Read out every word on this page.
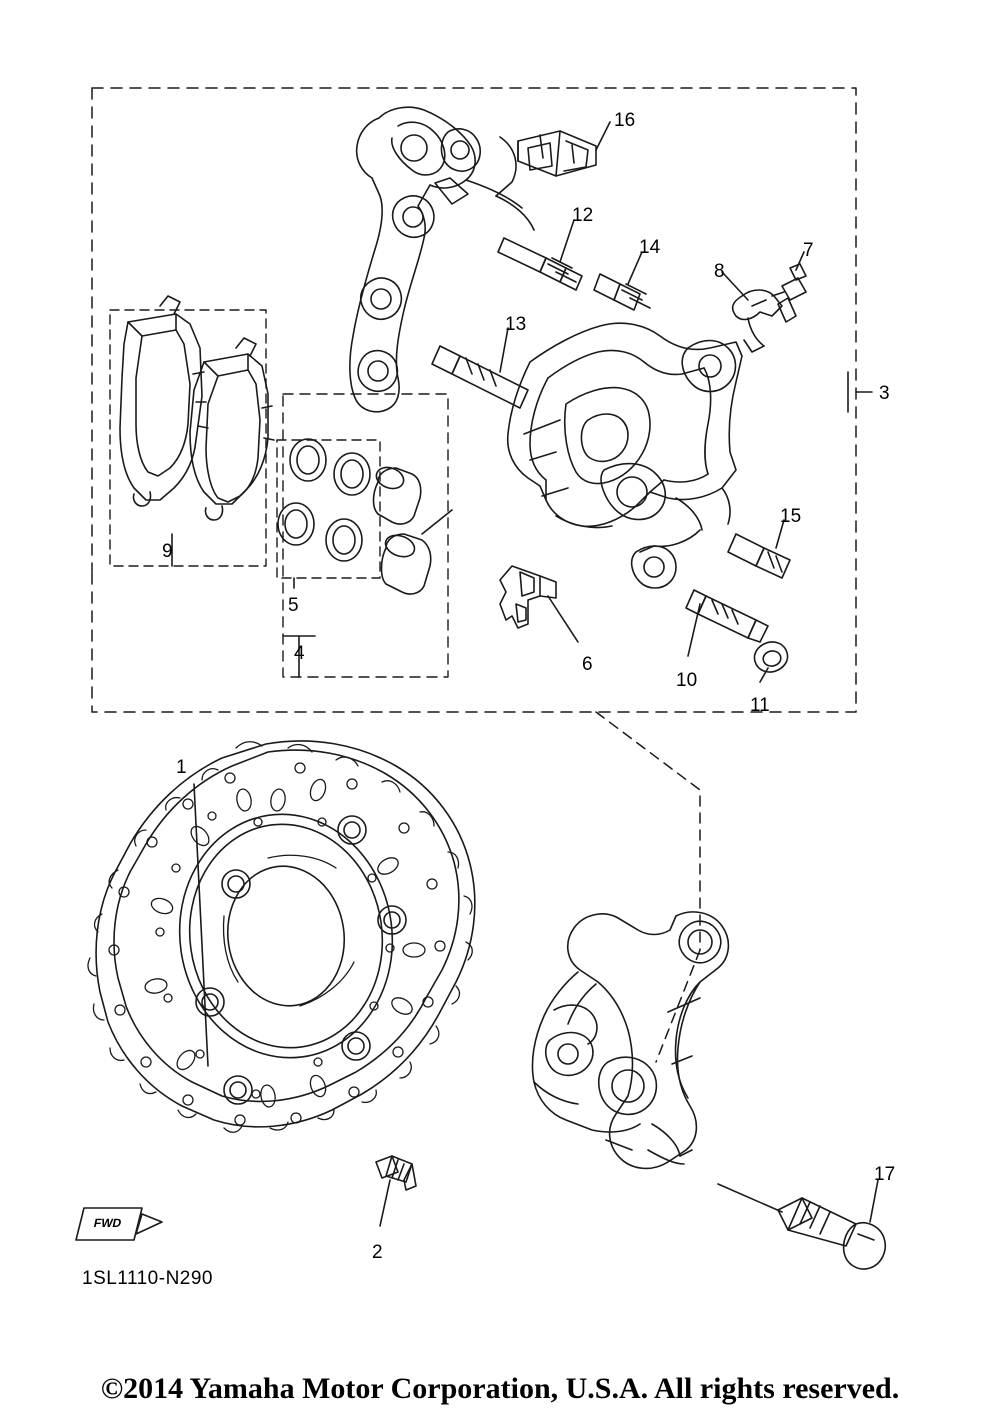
1
2
3
4
5
6
7
8
9
10
11
12
13
14
15
16
17
FWD
1SL1110-N290
©2014 Yamaha Motor Corporation, U.S.A. All rights reserved.
